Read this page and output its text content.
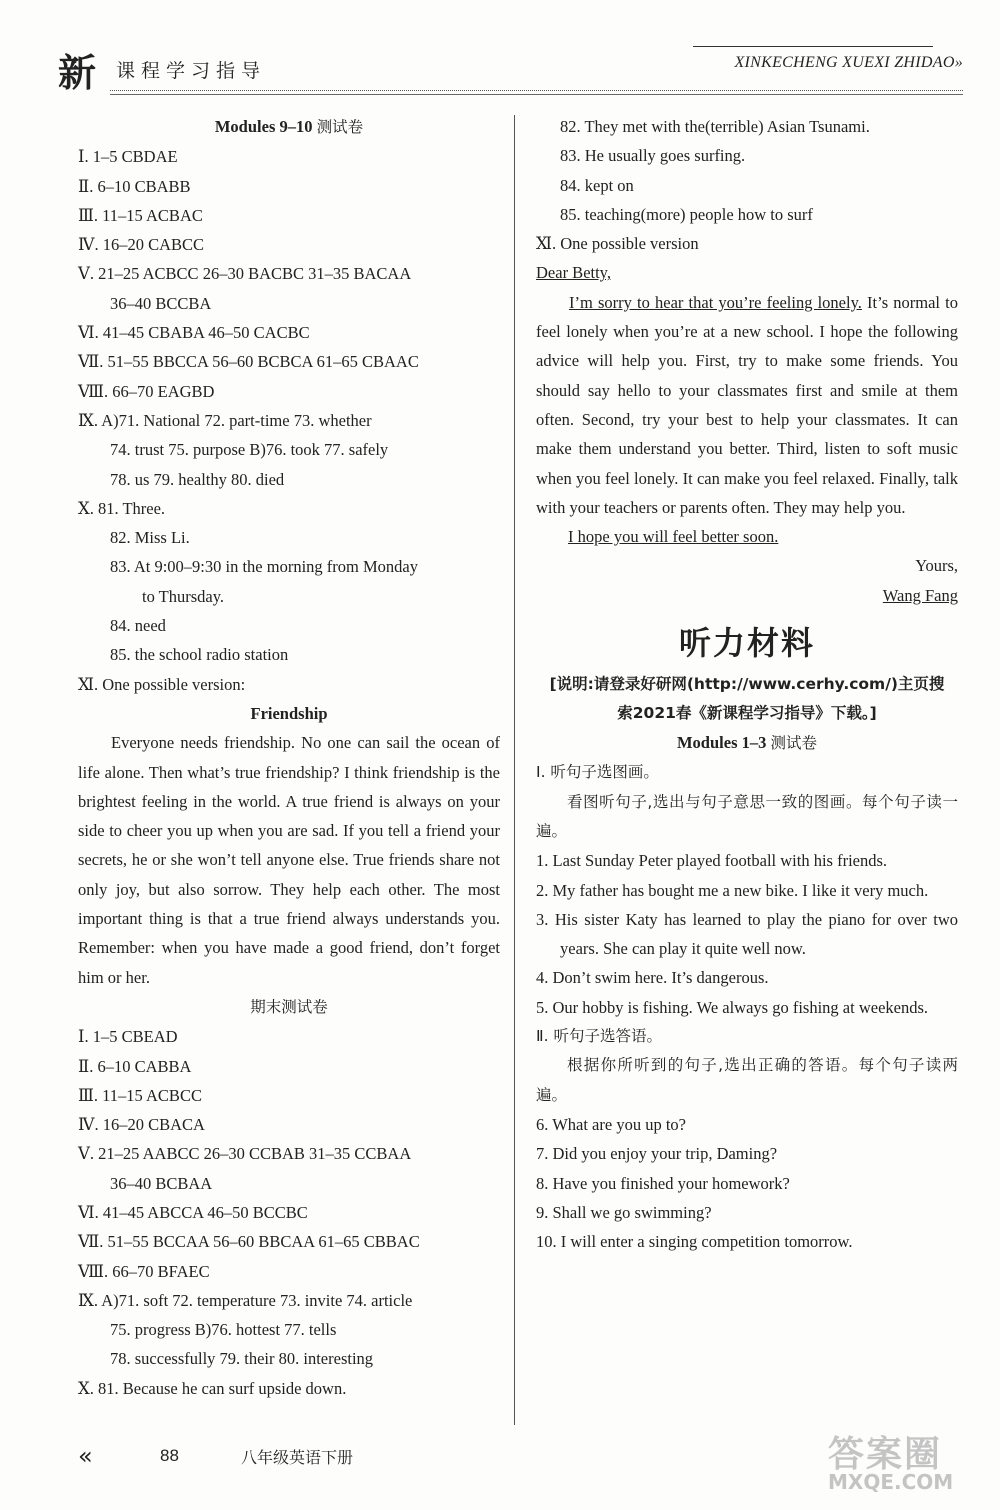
新 课程学习指导	XINKECHENG XUEXI ZHIDAO»
Modules 9–10 测试卷
Ⅰ. 1–5 CBDAE
Ⅱ. 6–10 CBABB
Ⅲ. 11–15 ACBAC
Ⅳ. 16–20 CABCC
Ⅴ. 21–25 ACBCC 26–30 BACBC 31–35 BACAA
36–40 BCCBA
Ⅵ. 41–45 CBABA 46–50 CACBC
Ⅶ. 51–55 BBCCA 56–60 BCBCA 61–65 CBAAC
Ⅷ. 66–70 EAGBD
Ⅸ. A)71. National 72. part-time 73. whether
74. trust 75. purpose B)76. took 77. safely
78. us 79. healthy 80. died
Ⅹ. 81. Three.
82. Miss Li.
83. At 9:00–9:30 in the morning from Monday
to Thursday.
84. need
85. the school radio station
Ⅺ. One possible version:
Friendship
Everyone needs friendship. No one can sail the ocean of life alone. Then what’s true friendship? I think friendship is the brightest feeling in the world. A true friend is always on your side to cheer you up when you are sad. If you tell a friend your secrets, he or she won’t tell anyone else. True friends share not only joy, but also sorrow. They help each other. The most important thing is that a true friend always understands you. Remember: when you have made a good friend, don’t forget him or her.
期末测试卷
Ⅰ. 1–5 CBEAD
Ⅱ. 6–10 CABBA
Ⅲ. 11–15 ACBCC
Ⅳ. 16–20 CBACA
Ⅴ. 21–25 AABCC 26–30 CCBAB 31–35 CCBAA
36–40 BCBAA
Ⅵ. 41–45 ABCCA 46–50 BCCBC
Ⅶ. 51–55 BCCAA 56–60 BBCAA 61–65 CBBAC
Ⅷ. 66–70 BFAEC
Ⅸ. A)71. soft 72. temperature 73. invite 74. article
75. progress B)76. hottest 77. tells
78. successfully 79. their 80. interesting
Ⅹ. 81. Because he can surf upside down.
82. They met with the(terrible) Asian Tsunami.
83. He usually goes surfing.
84. kept on
85. teaching(more) people how to surf
Ⅺ. One possible version
Dear Betty,
I’m sorry to hear that you’re feeling lonely. It’s normal to feel lonely when you’re at a new school. I hope the following advice will help you. First, try to make some friends. You should say hello to your classmates first and smile at them often. Second, try your best to help your classmates. It can make them understand you better. Third, listen to soft music when you feel lonely. It can make you feel relaxed. Finally, talk with your teachers or parents often. They may help you.
I hope you will feel better soon.
Yours,
Wang Fang
听力材料
[说明:请登录好研网(http://www.cerhy.com/)主页搜
索2021春《新课程学习指导》下载。]
Modules 1–3 测试卷
Ⅰ. 听句子选图画。
看图听句子,选出与句子意思一致的图画。每个句子读一遍。
1. Last Sunday Peter played football with his friends.
2. My father has bought me a new bike. I like it very much.
3. His sister Katy has learned to play the piano for over two years. She can play it quite well now.
4. Don’t swim here. It’s dangerous.
5. Our hobby is fishing. We always go fishing at weekends.
Ⅱ. 听句子选答语。
根据你所听到的句子,选出正确的答语。每个句子读两遍。
6. What are you up to?
7. Did you enjoy your trip, Daming?
8. Have you finished your homework?
9. Shall we go swimming?
10. I will enter a singing competition tomorrow.
«	88	八年级英语下册	答案圈
MXQE.COM
